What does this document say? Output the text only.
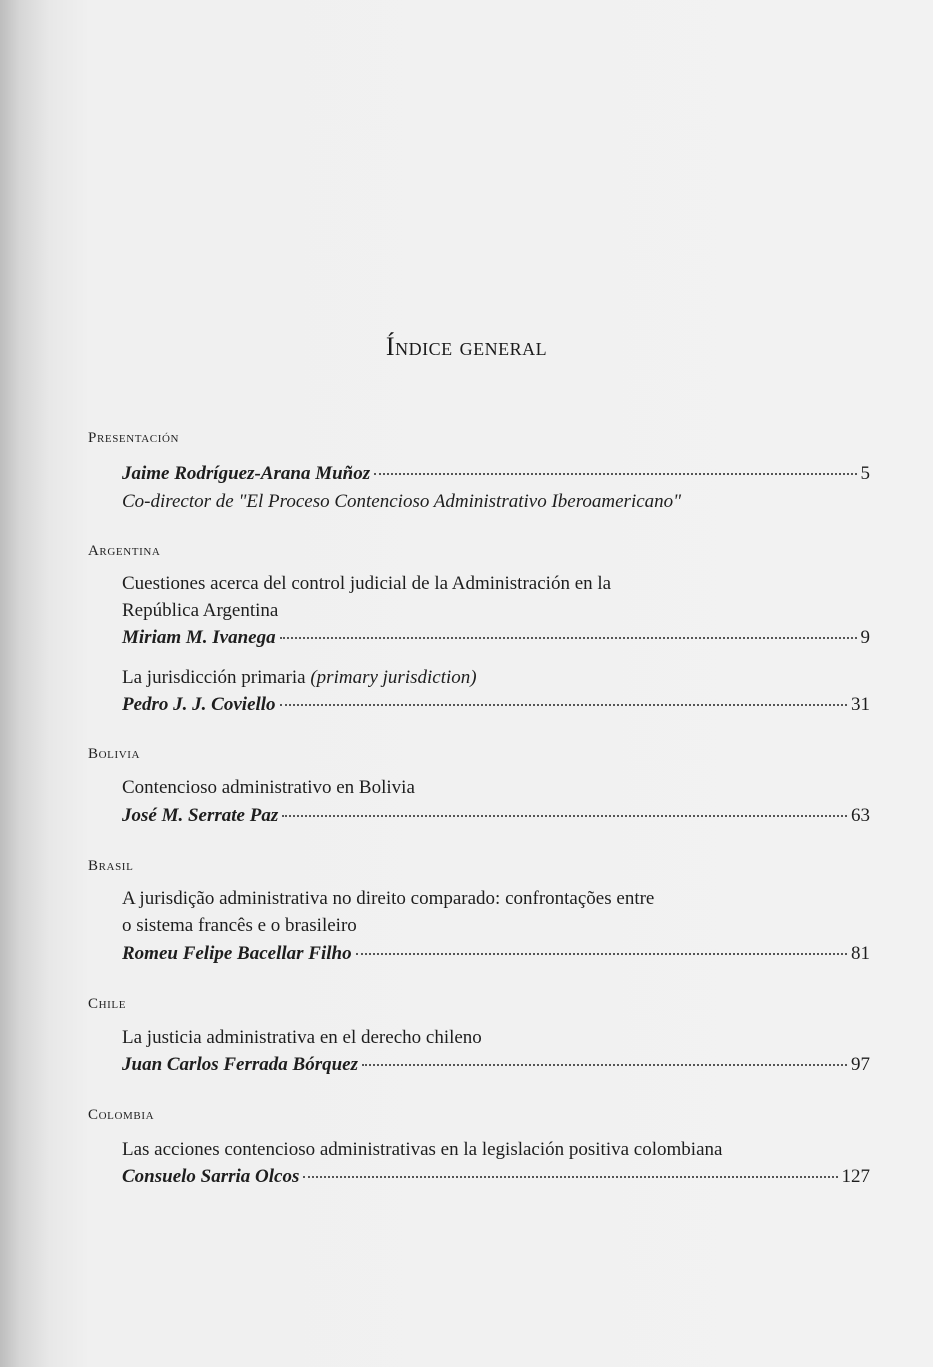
Índice general
Presentación
Jaime Rodríguez-Arana Muñoz	5
Co-director de "El Proceso Contencioso Administrativo Iberoamericano"
Argentina
Cuestiones acerca del control judicial de la Administración en la
República Argentina
Miriam M. Ivanega	9
La jurisdicción primaria (primary jurisdiction)
Pedro J. J. Coviello	31
Bolivia
Contencioso administrativo en Bolivia
José M. Serrate Paz	63
Brasil
A jurisdição administrativa no direito comparado: confrontações entre
o sistema francês e o brasileiro
Romeu Felipe Bacellar Filho	81
Chile
La justicia administrativa en el derecho chileno
Juan Carlos Ferrada Bórquez	97
Colombia
Las acciones contencioso administrativas en la legislación positiva colombiana
Consuelo Sarria Olcos	127
